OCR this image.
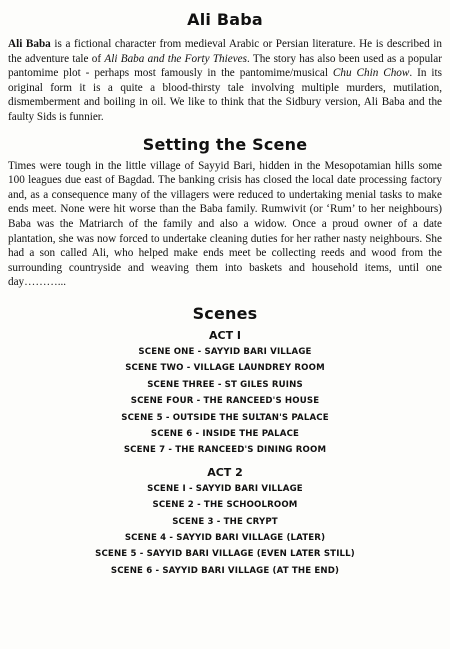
Ali Baba

Ali Baba is a fictional character from medieval Arabic or Persian literature. He is described in the adventure tale of Ali Baba and the Forty Thieves. The story has also been used as a popular pantomime plot - perhaps most famously in the pantomime/musical Chu Chin Chow. In its original form it is a quite a blood-thirsty tale involving multiple murders, mutilation, dismemberment and boiling in oil. We like to think that the Sidbury version, Ali Baba and the faulty Sids is funnier.

Setting the Scene

Times were tough in the little village of Sayyid Bari, hidden in the Mesopotamian hills some 100 leagues due east of Bagdad. The banking crisis has closed the local date processing factory and, as a consequence many of the villagers were reduced to undertaking menial tasks to make ends meet. None were hit worse than the Baba family. Rumwivit (or ‘Rum’ to her neighbours) Baba was the Matriarch of the family and also a widow. Once a proud owner of a date plantation, she was now forced to undertake cleaning duties for her rather nasty neighbours. She had a son called Ali, who helped make ends meet be collecting reeds and wood from the surrounding countryside and weaving them into baskets and household items, until one day………...

Scenes

ACT I

SCENE ONE - SAYYID BARI VILLAGE

SCENE TWO - VILLAGE LAUNDREY ROOM

SCENE THREE - ST GILES RUINS

SCENE FOUR - THE RANCEED'S HOUSE

SCENE 5 - OUTSIDE THE SULTAN'S PALACE

SCENE 6 - INSIDE THE PALACE

SCENE 7 - THE RANCEED'S DINING ROOM

ACT 2

SCENE I - SAYYID BARI VILLAGE

SCENE 2 - THE SCHOOLROOM

SCENE 3 - THE CRYPT

SCENE 4 - SAYYID BARI VILLAGE (LATER)

SCENE 5 - SAYYID BARI VILLAGE (EVEN LATER STILL)

SCENE 6 - SAYYID BARI VILLAGE (AT THE END)
